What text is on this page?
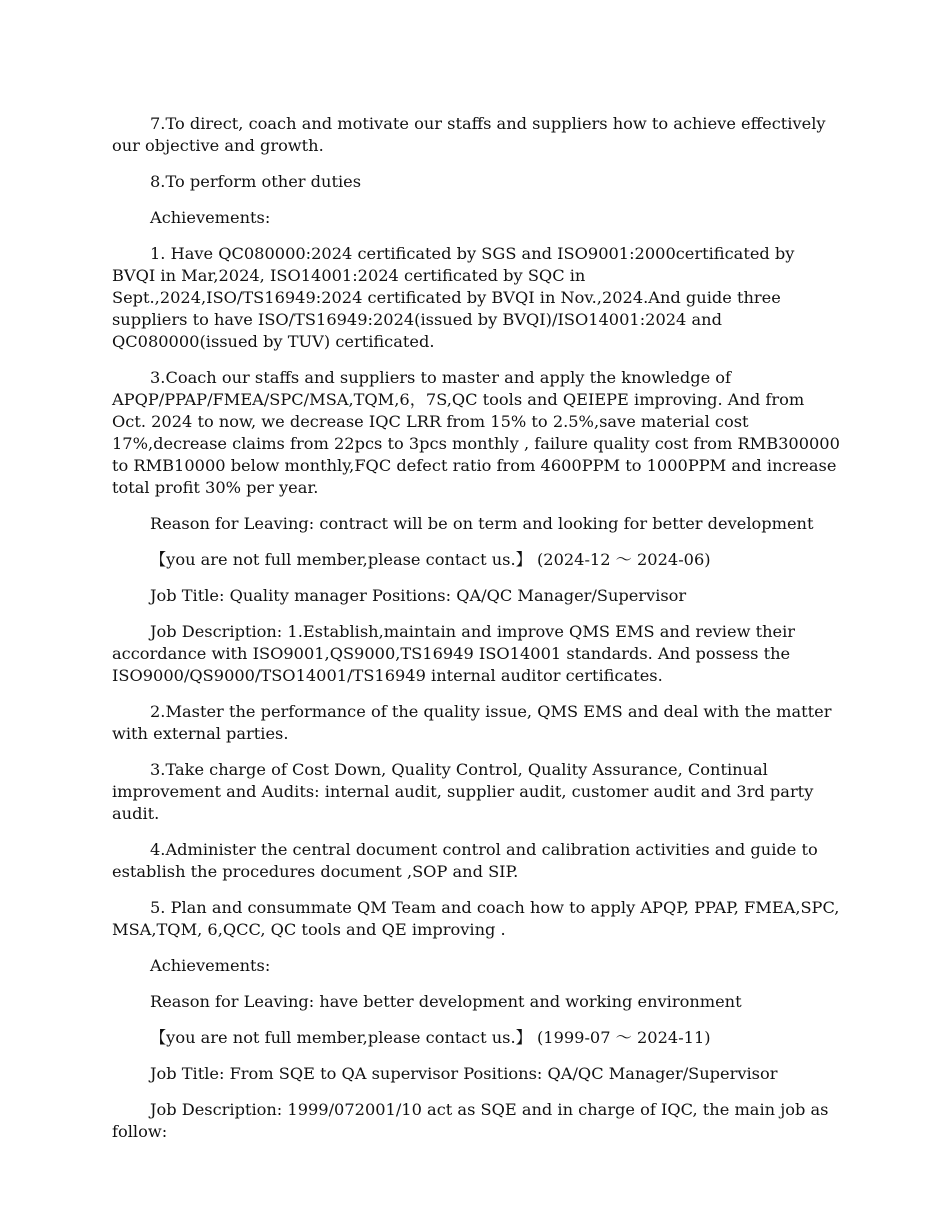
7.To direct, coach and motivate our staffs and suppliers how to achieve effectively our objective and growth.

8.To perform other duties

Achievements:

1. Have QC080000:2024 certificated by SGS and ISO9001:2000certificated by BVQI in Mar,2024, ISO14001:2024 certificated by SQC in Sept.,2024,ISO/TS16949:2024 certificated by BVQI in Nov.,2024.And guide three suppliers to have ISO/TS16949:2024(issued by BVQI)/ISO14001:2024 and QC080000(issued by TUV) certificated.

3.Coach our staffs and suppliers to master and apply the knowledge of APQP/PPAP/FMEA/SPC/MSA,TQM,6，7S,QC tools and QEIEPE improving. And from Oct. 2024 to now, we decrease IQC LRR from 15% to 2.5%,save material cost 17%,decrease claims from 22pcs to 3pcs monthly , failure quality cost from RMB300000 to RMB10000 below monthly,FQC defect ratio from 4600PPM to 1000PPM and increase total profit 30% per year.

Reason for Leaving: contract will be on term and looking for better development

【you are not full member,please contact us.】 (2024-12 ～ 2024-06)

Job Title: Quality manager Positions: QA/QC Manager/Supervisor

Job Description: 1.Establish,maintain and improve QMS EMS and review their accordance with ISO9001,QS9000,TS16949 ISO14001 standards. And possess the ISO9000/QS9000/TSO14001/TS16949 internal auditor certificates.

2.Master the performance of the quality issue, QMS EMS and deal with the matter with external parties.

3.Take charge of Cost Down, Quality Control, Quality Assurance, Continual improvement and Audits: internal audit, supplier audit, customer audit and 3rd party audit.

4.Administer the central document control and calibration activities and guide to establish the procedures document ,SOP and SIP.

5. Plan and consummate QM Team and coach how to apply APQP, PPAP, FMEA,SPC, MSA,TQM, 6,QCC, QC tools and QE improving .

Achievements:

Reason for Leaving: have better development and working environment

【you are not full member,please contact us.】 (1999-07 ～ 2024-11)

Job Title: From SQE to QA supervisor Positions: QA/QC Manager/Supervisor

Job Description: 1999/072001/10 act as SQE and in charge of IQC, the main job as follow:
